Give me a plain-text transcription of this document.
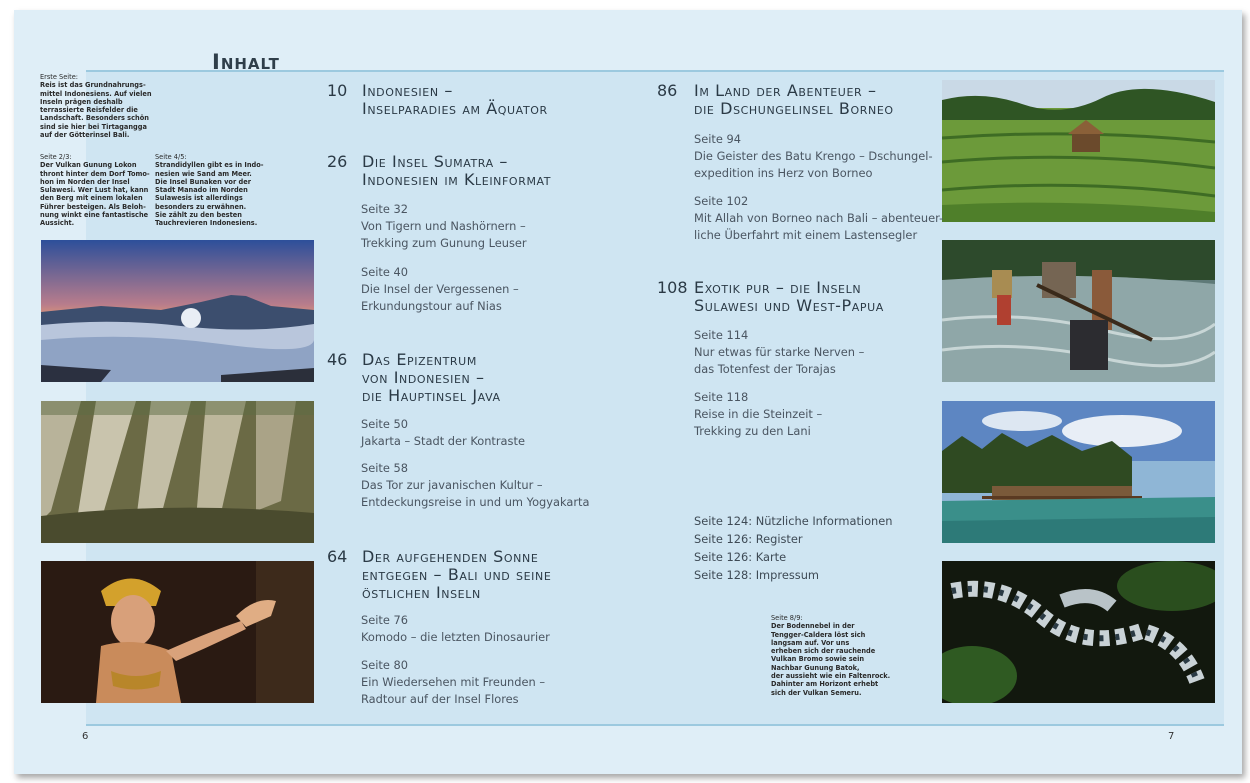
Inhalt
Erste Seite:
Reis ist das Grundnahrungs-
mittel Indonesiens. Auf vielen
Inseln prägen deshalb
terrassierte Reisfelder die
Landschaft. Besonders schön
sind sie hier bei Tirtagangga
auf der Götterinsel Bali.
Seite 2/3:
Der Vulkan Gunung Lokon
thront hinter dem Dorf Tomo-
hon im Norden der Insel
Sulawesi. Wer Lust hat, kann
den Berg mit einem lokalen
Führer besteigen. Als Beloh-
nung winkt eine fantastische
Aussicht.
Seite 4/5:
Strandidyllen gibt es in Indo-
nesien wie Sand am Meer.
Die Insel Bunaken vor der
Stadt Manado im Norden
Sulawesis ist allerdings
besonders zu erwähnen.
Sie zählt zu den besten
Tauchrevieren Indonesiens.
Seite 8/9:
Der Bodennebel in der
Tengger-Caldera löst sich
langsam auf. Vor uns
erheben sich der rauchende
Vulkan Bromo sowie sein
Nachbar Gunung Batok,
der aussieht wie ein Faltenrock.
Dahinter am Horizont erhebt
sich der Vulkan Semeru.
10 Indonesien –
Inselparadies am Äquator
26 Die Insel Sumatra –
Indonesien im Kleinformat
Seite 32
Von Tigern und Nashörnern –
Trekking zum Gunung Leuser
Seite 40
Die Insel der Vergessenen –
Erkundungstour auf Nias
46 Das Epizentrum
von Indonesien –
die Hauptinsel Java
Seite 50
Jakarta – Stadt der Kontraste
Seite 58
Das Tor zur javanischen Kultur –
Entdeckungsreise in und um Yogyakarta
64 Der aufgehenden Sonne
entgegen – Bali und seine
östlichen Inseln
Seite 76
Komodo – die letzten Dinosaurier
Seite 80
Ein Wiedersehen mit Freunden –
Radtour auf der Insel Flores
86 Im Land der Abenteuer –
die Dschungelinsel Borneo
Seite 94
Die Geister des Batu Krengo – Dschungel-
expedition ins Herz von Borneo
Seite 102
Mit Allah von Borneo nach Bali – abenteuer-
liche Überfahrt mit einem Lastensegler
108 Exotik pur – die Inseln
Sulawesi und West-Papua
Seite 114
Nur etwas für starke Nerven –
das Totenfest der Torajas
Seite 118
Reise in die Steinzeit –
Trekking zu den Lani
Seite 124: Nützliche Informationen
Seite 126: Register
Seite 126: Karte
Seite 128: Impressum
6	7
